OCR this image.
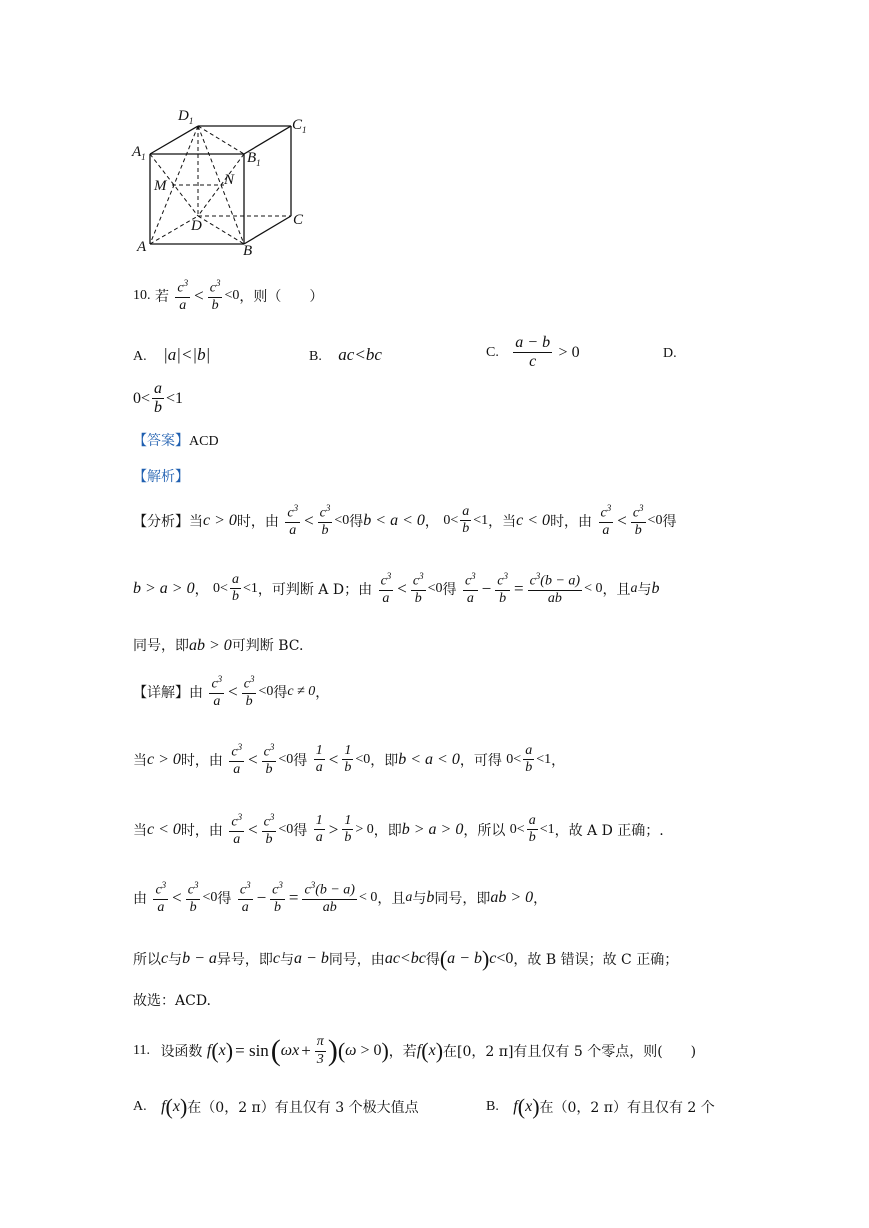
$D_1$	$C_1$
$A_1$	$B_1$
M	N
D	C
A	B
10. 若 $\frac{c^3}{a} < \frac{c^3}{b} <0$，则（　　）
A. |a|<|b|	B. ac<bc	C. $\frac{a - b}{c} > 0$	D.
$0< \frac{a}{b} <1$
【答案】ACD
【解析】
【分析】当c > 0时，由 $\frac{c^3}{a} < \frac{c^3}{b} <0$得b < a < 0， $0< \frac{a}{b} <1$，当c < 0时，由 $\frac{c^3}{a} < \frac{c^3}{b} <0$得
b > a > 0， $0< \frac{a}{b} <1$，可判断 A D；由 $\frac{c^3}{a} < \frac{c^3}{b} <0$得 $\frac{c^3}{a} - \frac{c^3}{b} = \frac{c^3(b - a)}{ab} < 0$，且a与b
同号，即ab > 0可判断 BC.
【详解】由 $\frac{c^3}{a} < \frac{c^3}{b} <0$得c ≠ 0，
当c > 0时，由 $\frac{c^3}{a} < \frac{c^3}{b} <0$得 $\frac{1}{a} < \frac{1}{b} <0$，即b < a < 0，可得 $0< \frac{a}{b} <1$，
当c < 0时，由 $\frac{c^3}{a} < \frac{c^3}{b} <0$得 $\frac{1}{a} > \frac{1}{b} > 0$，即b > a > 0，所以 $0< \frac{a}{b} <1$，故 A D 正确；.
由 $\frac{c^3}{a} < \frac{c^3}{b} <0$得 $\frac{c^3}{a} - \frac{c^3}{b} = \frac{c^3(b - a)}{ab} < 0$，且a与b同号，即ab > 0，
所以c与b − a异号，即c与a − b同号，由ac<bc得(a − b)c<0，故 B 错误；故 C 正确；
故选：ACD.
11. 设函数 $f(x) = \sin(\omega x + \frac{\pi}{3} )(\omega > 0)$，若f(x)在[0，2 π]有且仅有 5 个零点，则(　　)
A. f(x)在（0，2 π）有且仅有 3 个极大值点	B. f(x)在（0，2 π）有且仅有 2 个
